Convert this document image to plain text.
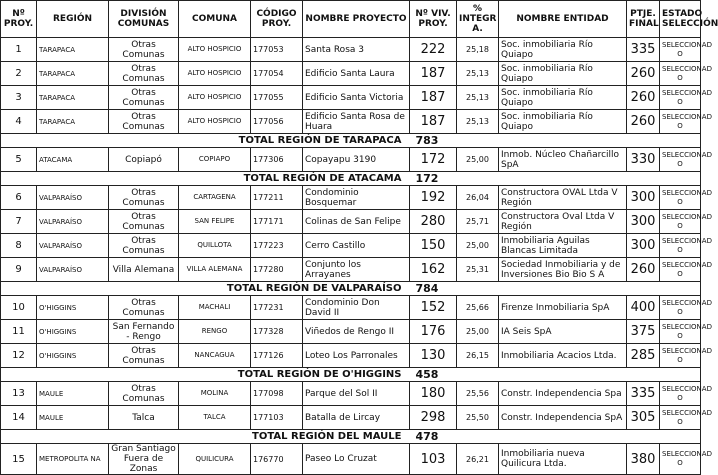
Nº PROY.	REGIÓN	DIVISIÓN COMUNAS	COMUNA	CÓDIGO PROY.	NOMBRE PROYECTO	Nº VIV. PROY.	% INTEGR A.	NOMBRE ENTIDAD	PTJE. FINAL	ESTADO SELECCIÓN
1	TARAPACA	Otras Comunas	ALTO HOSPICIO	177053	Santa Rosa 3	222	25,18	Soc. inmobiliaria Río Quiapo	335	SELECCIONAD O
2	TARAPACA	Otras Comunas	ALTO HOSPICIO	177054	Edificio Santa Laura	187	25,13	Soc. inmobiliaria Río Quiapo	260	SELECCIONAD O
3	TARAPACA	Otras Comunas	ALTO HOSPICIO	177055	Edificio Santa Victoria	187	25,13	Soc. inmobiliaria Río Quiapo	260	SELECCIONAD O
4	TARAPACA	Otras Comunas	ALTO HOSPICIO	177056	Edificio Santa Rosa de Huara	187	25,13	Soc. inmobiliaria Río Quiapo	260	SELECCIONAD O
TOTAL REGIÓN DE TARAPACA						783				
5	ATACAMA	Copiapó	COPIAPO	177306	Copayapu 3190	172	25,00	Inmob. Núcleo Chañarcillo SpA	330	SELECCIONAD O
TOTAL REGIÓN DE ATACAMA						172				
6	VALPARAÍSO	Otras Comunas	CARTAGENA	177211	Condominio Bosquemar	192	26,04	Constructora OVAL Ltda V Región	300	SELECCIONAD O
7	VALPARAÍSO	Otras Comunas	SAN FELIPE	177171	Colinas de San Felipe	280	25,71	Constructora Oval Ltda V Región	300	SELECCIONAD O
8	VALPARAÍSO	Otras Comunas	QUILLOTA	177223	Cerro Castillo	150	25,00	Inmobiliaria Aguilas Blancas Limitada	300	SELECCIONAD O
9	VALPARAÍSO	Villa Alemana	VILLA ALEMANA	177280	Conjunto los Arrayanes	162	25,31	Sociedad Inmobiliaria y de Inversiones Bio Bio S A	260	SELECCIONAD O
TOTAL REGIÓN DE VALPARAÍSO						784				
10	O'HIGGINS	Otras Comunas	MACHALI	177231	Condominio Don David II	152	25,66	Firenze Inmobiliaria SpA	400	SELECCIONAD O
11	O'HIGGINS	San Fernando - Rengo	RENGO	177328	Viñedos de Rengo II	176	25,00	IA Seis SpA	375	SELECCIONAD O
12	O'HIGGINS	Otras Comunas	NANCAGUA	177126	Loteo Los Parronales	130	26,15	Inmobiliaria Acacios Ltda.	285	SELECCIONAD O
TOTAL REGIÓN DE O'HIGGINS						458				
13	MAULE	Otras Comunas	MOLINA	177098	Parque del Sol II	180	25,56	Constr. Independencia Spa	335	SELECCIONAD O
14	MAULE	Talca	TALCA	177103	Batalla de Lircay	298	25,50	Constr. Independencia SpA	305	SELECCIONAD O
TOTAL REGIÓN DEL MAULE						478				
15	METROPOLITA NA	Gran Santiago Fuera de Zonas	QUILICURA	176770	Paseo Lo Cruzat	103	26,21	Inmobiliaria nueva Quilicura Ltda.	380	SELECCIONAD O
